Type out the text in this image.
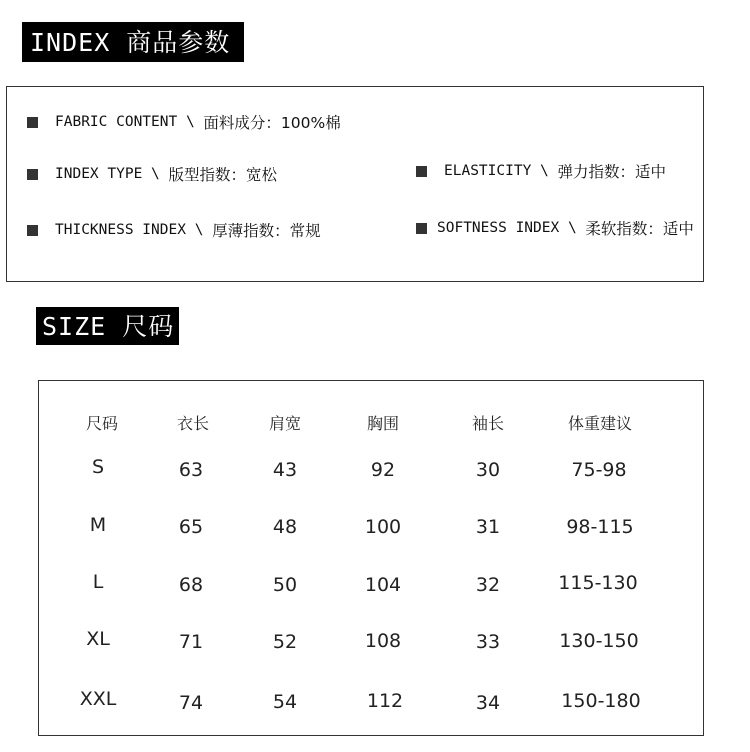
INDEX 商品参数
FABRIC CONTENT
\
面料成分：100%棉
INDEX TYPE
\
版型指数：宽松	ELASTICITY
\
弹力指数：适中
THICKNESS INDEX
\
厚薄指数：常规	SOFTNESS INDEX
\
柔软指数：适中
SIZE 尺码
尺码	衣长	肩宽	胸围	袖长	体重建议
S	63	43	92	30	75-98
M	65	48	100	31	98-115
L	68	50	104	32	115-130
XL	71	52	108	33	130-150
XXL	74	54	112	34	150-180
